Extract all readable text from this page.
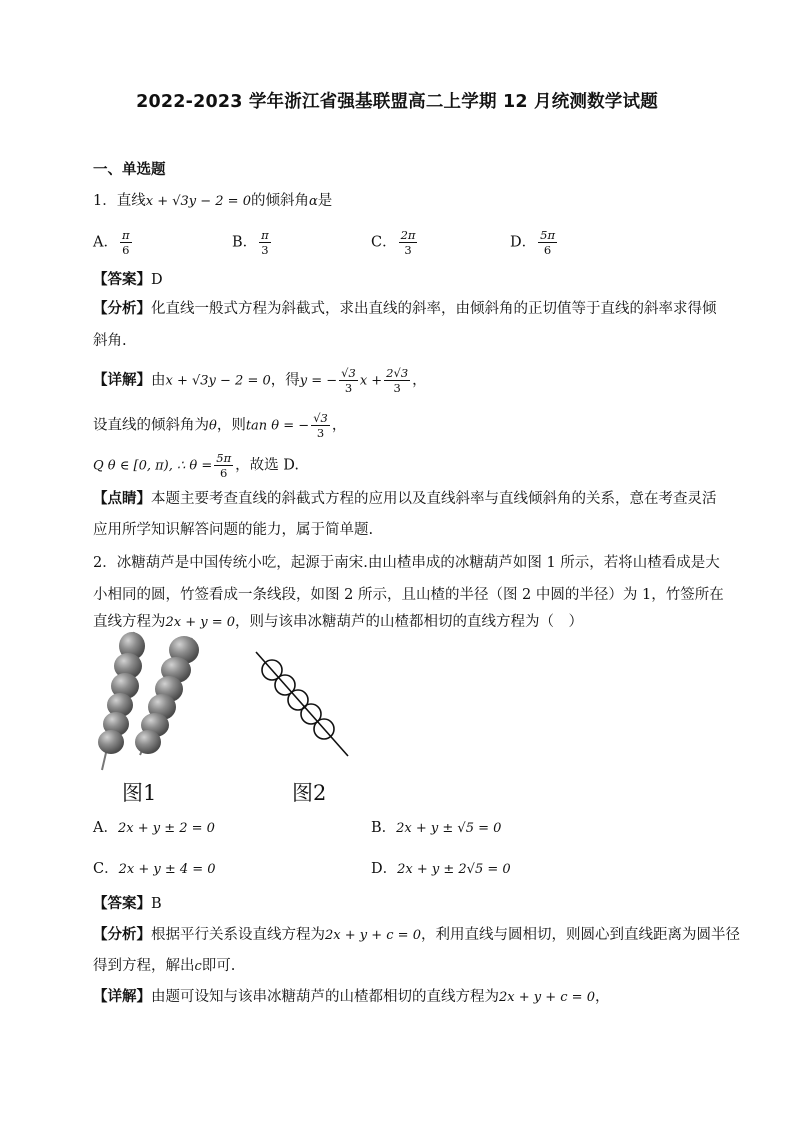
2022-2023 学年浙江省强基联盟高二上学期 12 月统测数学试题
一、单选题
1．直线x + √3y − 2 = 0的倾斜角α是
A． $\frac{\pi}{6}$	B． $\frac{\pi}{3}$	C． $\frac{2\pi}{3}$	D． $\frac{5\pi}{6}$
【答案】D
【分析】化直线一般式方程为斜截式，求出直线的斜率，由倾斜角的正切值等于直线的斜率求得倾
斜角.
【详解】由x + √3y − 2 = 0，得y = − $\frac{√3}{3}$ $x + \frac{2√3}{3}$ ，
设直线的倾斜角为θ，则tan θ = − $\frac{√3}{3}$ ，
Q θ ∈ [0, π), ∴ $\theta = \frac{5\pi}{6}$ ，故选 D.
【点睛】本题主要考查直线的斜截式方程的应用以及直线斜率与直线倾斜角的关系，意在考查灵活
应用所学知识解答问题的能力，属于简单题.
2．冰糖葫芦是中国传统小吃，起源于南宋.由山楂串成的冰糖葫芦如图 1 所示，若将山楂看成是大
小相同的圆，竹签看成一条线段，如图 2 所示，且山楂的半径（图 2 中圆的半径）为 1，竹签所在
直线方程为2x + y = 0，则与该串冰糖葫芦的山楂都相切的直线方程为（　）
图1	图2
A．2x + y ± 2 = 0	B．2x + y ± √5 = 0
C．2x + y ± 4 = 0	D．2x + y ± 2√5 = 0
【答案】B
【分析】根据平行关系设直线方程为2x + y + c = 0，利用直线与圆相切，则圆心到直线距离为圆半径
得到方程，解出c即可.
【详解】由题可设知与该串冰糖葫芦的山楂都相切的直线方程为2x + y + c = 0，
